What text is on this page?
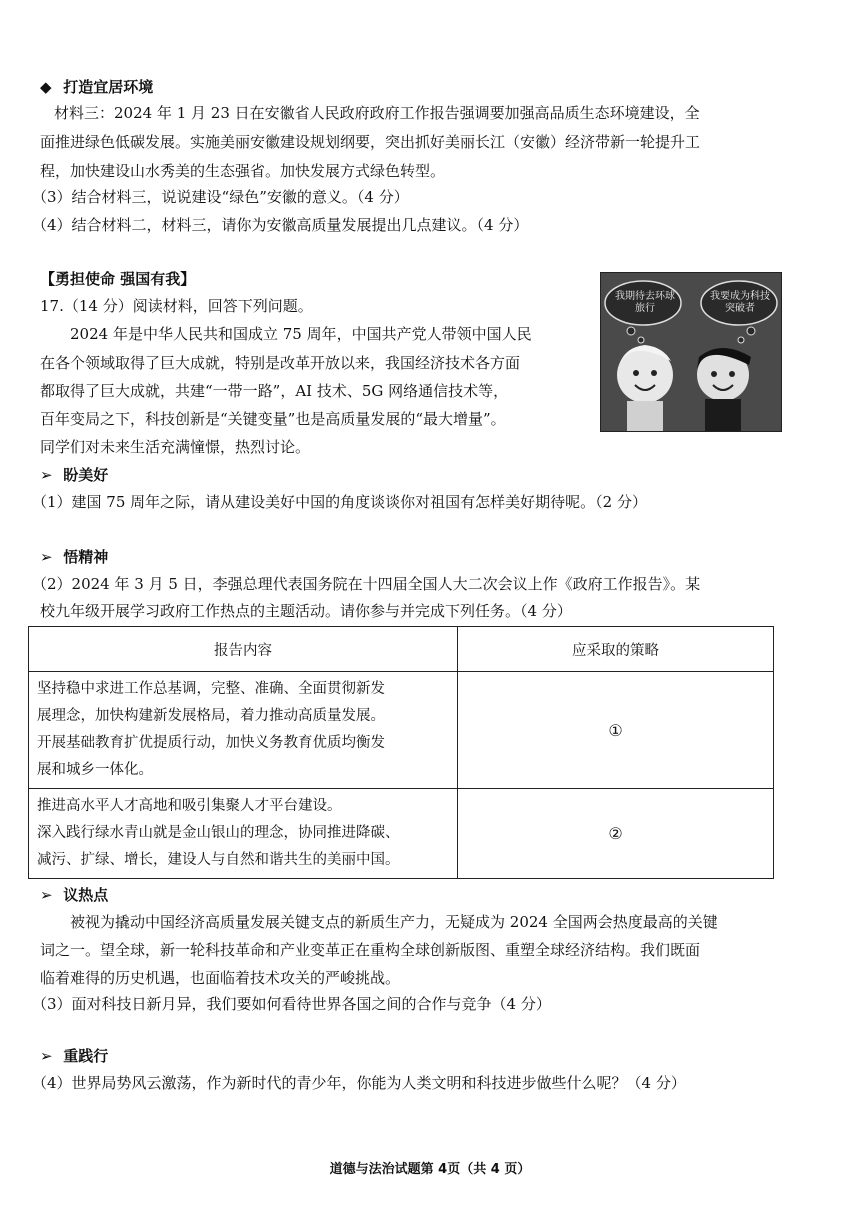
◆ 打造宜居环境
材料三：2024 年 1 月 23 日在安徽省人民政府政府工作报告强调要加强高品质生态环境建设，全
面推进绿色低碳发展。实施美丽安徽建设规划纲要，突出抓好美丽长江（安徽）经济带新一轮提升工
程，加快建设山水秀美的生态强省。加快发展方式绿色转型。
（3）结合材料三，说说建设“绿色”安徽的意义。（4 分）
（4）结合材料二，材料三，请你为安徽高质量发展提出几点建议。（4 分）
【勇担使命 强国有我】
17.（14 分）阅读材料，回答下列问题。
2024 年是中华人民共和国成立 75 周年，中国共产党人带领中国人民
在各个领域取得了巨大成就，特别是改革开放以来，我国经济技术各方面
都取得了巨大成就，共建“一带一路”，AI 技术、5G 网络通信技术等，
百年变局之下，科技创新是“关键变量”也是高质量发展的“最大增量”。
同学们对未来生活充满憧憬，热烈讨论。
我期待去环球旅行
我要成为科技突破者
➢ 盼美好
（1）建国 75 周年之际，请从建设美好中国的角度谈谈你对祖国有怎样美好期待呢。（2 分）
➢ 悟精神
（2）2024 年 3 月 5 日，李强总理代表国务院在十四届全国人大二次会议上作《政府工作报告》。某
校九年级开展学习政府工作热点的主题活动。请你参与并完成下列任务。（4 分）
报告内容	应采取的策略

坚持稳中求进工作总基调，完整、准确、全面贯彻新发
展理念，加快构建新发展格局，着力推动高质量发展。
开展基础教育扩优提质行动，加快义务教育优质均衡发
展和城乡一体化。	①

推进高水平人才高地和吸引集聚人才平台建设。
深入践行绿水青山就是金山银山的理念，协同推进降碳、
减污、扩绿、增长，建设人与自然和谐共生的美丽中国。	②
➢ 议热点
被视为撬动中国经济高质量发展关键支点的新质生产力，无疑成为 2024 全国两会热度最高的关键
词之一。望全球，新一轮科技革命和产业变革正在重构全球创新版图、重塑全球经济结构。我们既面
临着难得的历史机遇，也面临着技术攻关的严峻挑战。
（3）面对科技日新月异，我们要如何看待世界各国之间的合作与竞争（4 分）
➢ 重践行
（4）世界局势风云激荡，作为新时代的青少年，你能为人类文明和科技进步做些什么呢？（4 分）
道德与法治试题第 4页（共 4 页）
